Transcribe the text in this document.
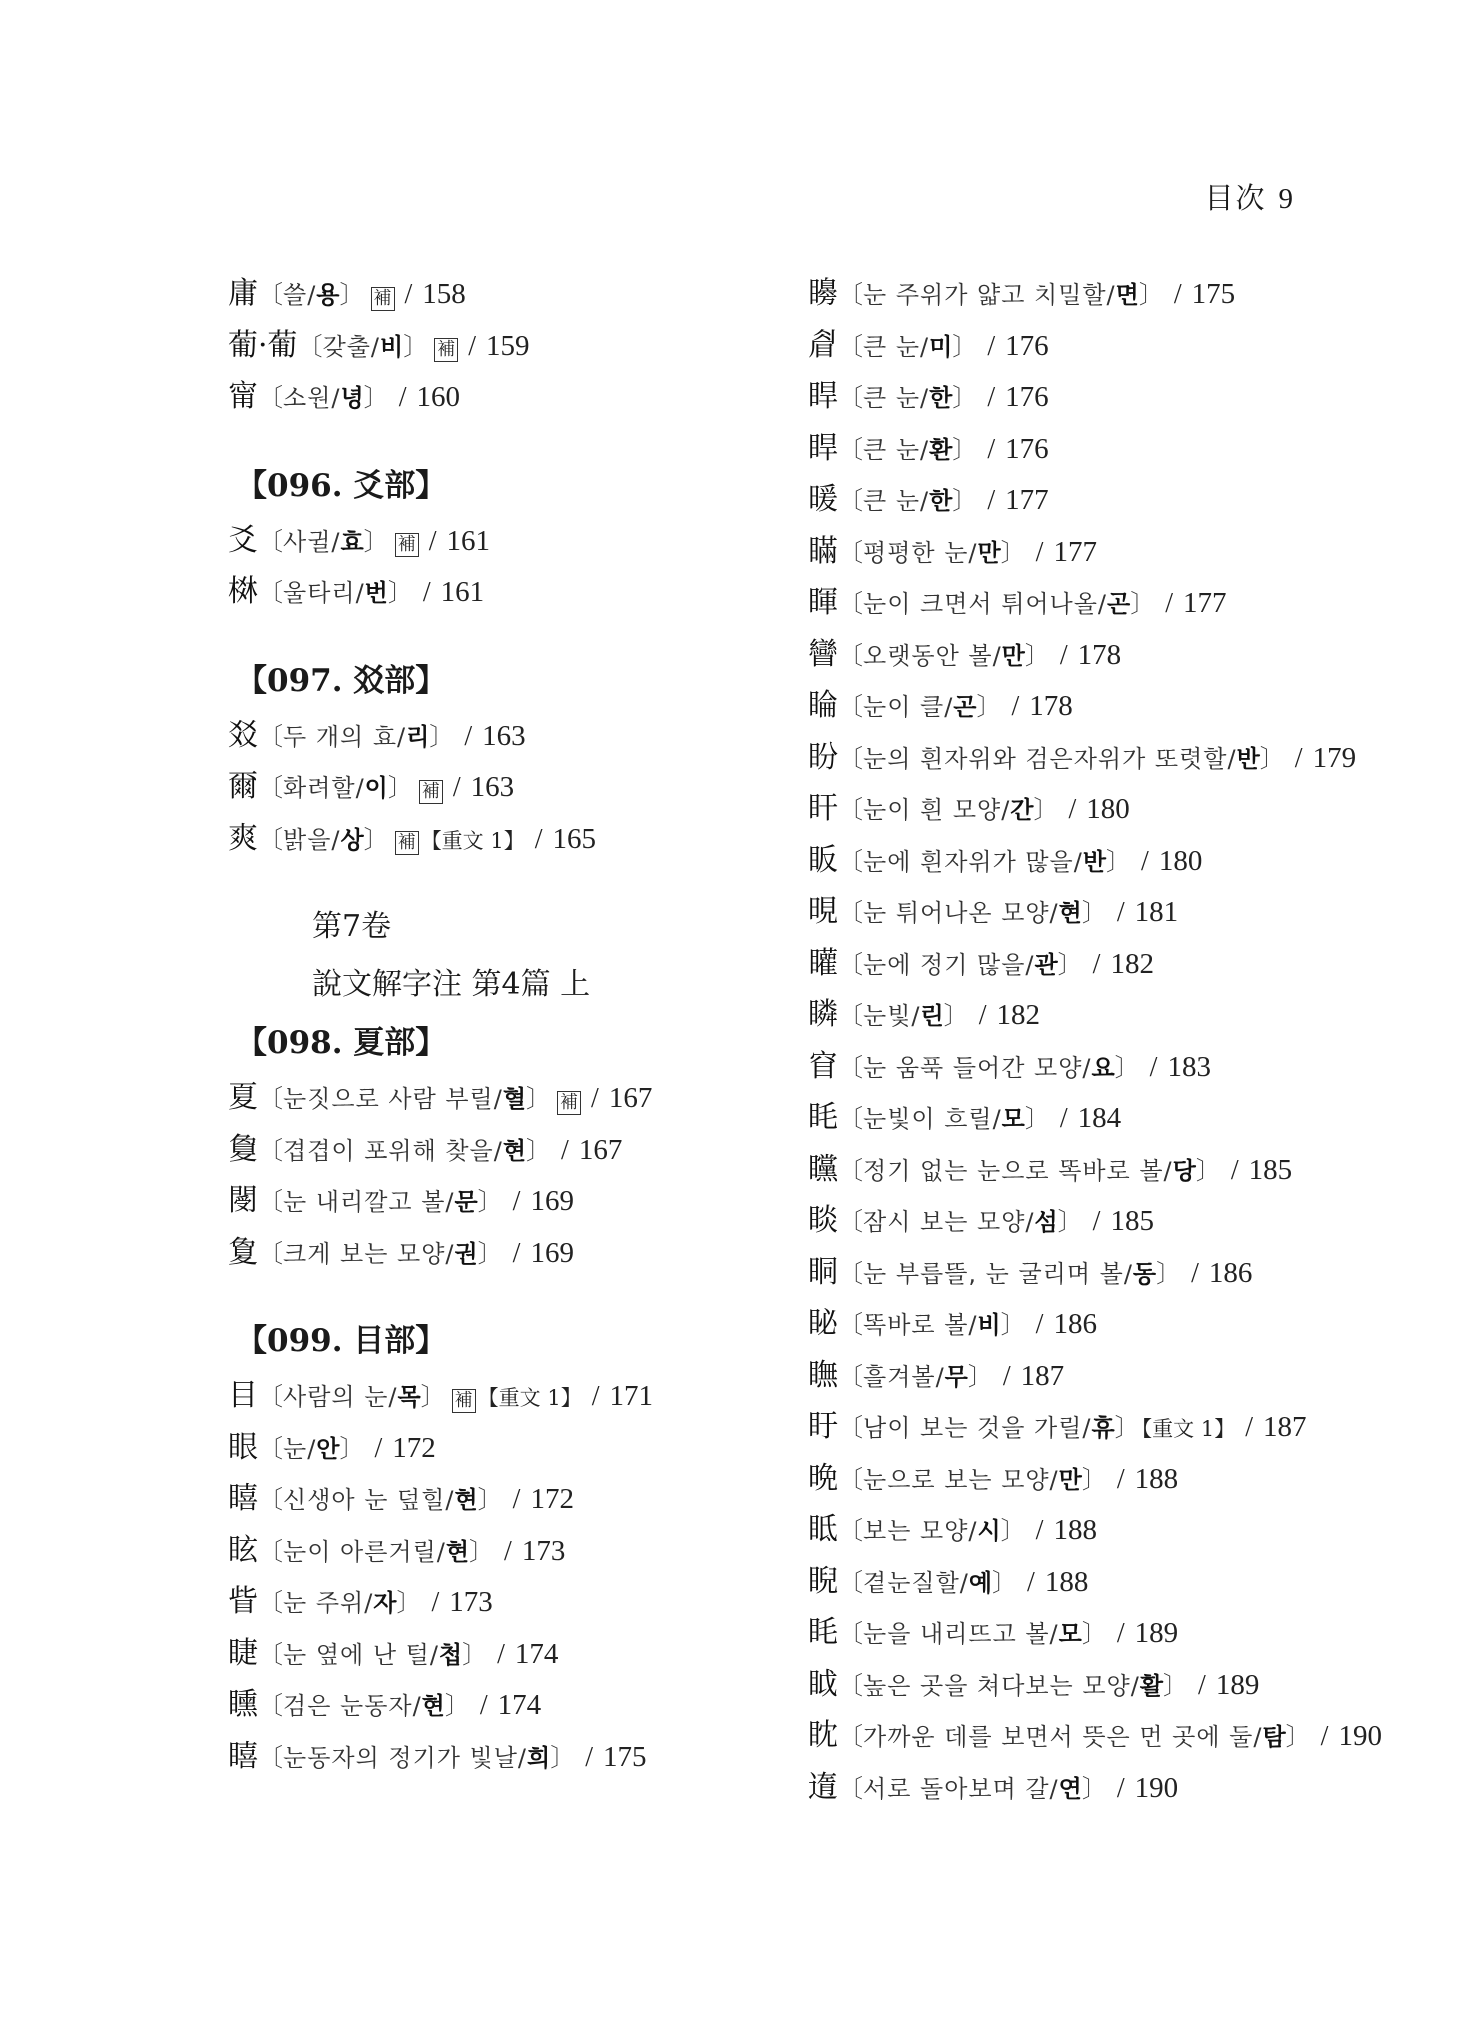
目次 9
庸〔쓸/용〕 補 / 158
葡·葡〔갖출/비〕 補 / 159
甯〔소원/녕〕 / 160
【096. 爻部】
爻〔사귈/효〕 補 / 161
棥〔울타리/번〕 / 161
【097. 㸚部】
㸚〔두 개의 효/리〕 / 163
爾〔화려할/이〕 補 / 163
爽〔밝을/상〕 補 【重文 1】 / 165
第7卷
說文解字注 第4篇 上
【098. 夏部】
夏〔눈짓으로 사람 부릴/혈〕 補 / 167
敻〔겹겹이 포위해 찾을/현〕 / 167
閿〔눈 내리깔고 볼/문〕 / 169
夐〔크게 보는 모양/권〕 / 169
【099. 目部】
目〔사람의 눈/목〕 補 【重文 1】 / 171
眼〔눈/안〕 / 172
瞦〔신생아 눈 덮힐/현〕 / 172
眩〔눈이 아른거릴/현〕 / 173
眥〔눈 주위/자〕 / 173
睫〔눈 옆에 난 털/첩〕 / 174
矄〔검은 눈동자/현〕 / 174
瞦〔눈동자의 정기가 빛날/희〕 / 175
矏〔눈 주위가 얇고 치밀할/면〕 / 175
睂〔큰 눈/미〕 / 176
睅〔큰 눈/한〕 / 176
睅〔큰 눈/환〕 / 176
暖〔큰 눈/한〕 / 177
瞞〔평평한 눈/만〕 / 177
睴〔눈이 크면서 튀어나올/곤〕 / 177
矕〔오랫동안 볼/만〕 / 178
睔〔눈이 클/곤〕 / 178
盼〔눈의 흰자위와 검은자위가 또렷할/반〕 / 179
盰〔눈이 흰 모양/간〕 / 180
眅〔눈에 흰자위가 많을/반〕 / 180
晛〔눈 튀어나온 모양/현〕 / 181
矔〔눈에 정기 많을/관〕 / 182
瞵〔눈빛/린〕 / 182
窅〔눈 움푹 들어간 모양/요〕 / 183
眊〔눈빛이 흐릴/모〕 / 184
矘〔정기 없는 눈으로 똑바로 볼/당〕 / 185
睒〔잠시 보는 모양/섬〕 / 185
眮〔눈 부릅뜰, 눈 굴리며 볼/동〕 / 186
䀣〔똑바로 볼/비〕 / 186
瞴〔흘겨볼/무〕 / 187
盱〔남이 보는 것을 가릴/휴〕【重文 1】 / 187
晩〔눈으로 보는 모양/만〕 / 188
眡〔보는 모양/시〕 / 188
睨〔곁눈질할/예〕 / 188
眊〔눈을 내리뜨고 볼/모〕 / 189
眓〔높은 곳을 쳐다보는 모양/활〕 / 189
眈〔가까운 데를 보면서 뜻은 먼 곳에 둘/탐〕 / 190
遀〔서로 돌아보며 갈/연〕 / 190
